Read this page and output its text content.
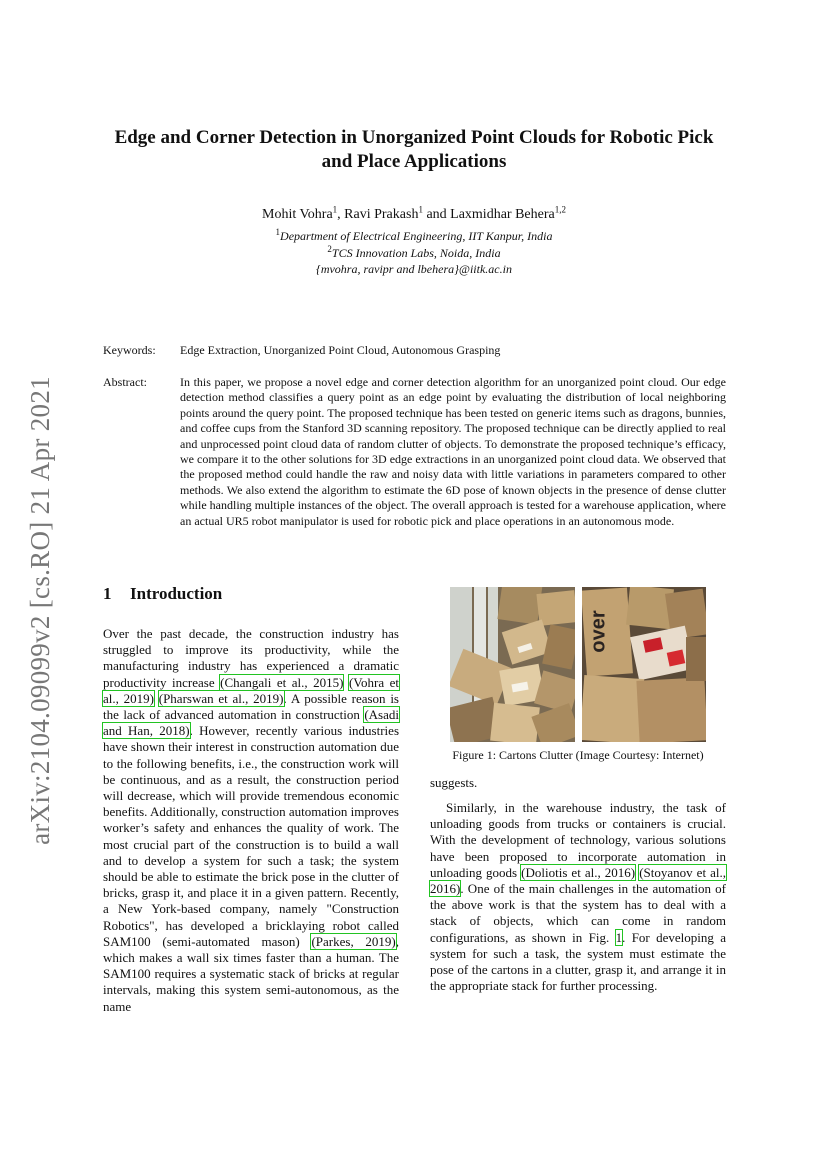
arXiv:2104.09099v2 [cs.RO] 21 Apr 2021
Edge and Corner Detection in Unorganized Point Clouds for Robotic Pick and Place Applications
Mohit Vohra$^1$, Ravi Prakash$^1$ and Laxmidhar Behera$^{1,2}$
$^1$Department of Electrical Engineering, IIT Kanpur, India
$^2$TCS Innovation Labs, Noida, India
{mvohra, ravipr and lbehera}@iitk.ac.in
Keywords: Edge Extraction, Unorganized Point Cloud, Autonomous Grasping
Abstract:	In this paper, we propose a novel edge and corner detection algorithm for an unorganized point cloud. Our edge detection method classifies a query point as an edge point by evaluating the distribution of local neighboring points around the query point. The proposed technique has been tested on generic items such as dragons, bunnies, and coffee cups from the Stanford 3D scanning repository. The proposed technique can be directly applied to real and unprocessed point cloud data of random clutter of objects. To demonstrate the proposed technique’s efficacy, we compare it to the other solutions for 3D edge extractions in an unorganized point cloud data. We observed that the proposed method could handle the raw and noisy data with little variations in parameters compared to other methods. We also extend the algorithm to estimate the 6D pose of known objects in the presence of dense clutter while handling multiple instances of the object. The overall approach is tested for a warehouse application, where an actual UR5 robot manipulator is used for robotic pick and place operations in an autonomous mode.
1 Introduction
Over the past decade, the construction industry has struggled to improve its productivity, while the manufacturing industry has experienced a dramatic productivity increase (Changali et al., 2015) (Vohra et al., 2019) (Pharswan et al., 2019). A possible reason is the lack of advanced automation in construction (Asadi and Han, 2018). However, recently various industries have shown their interest in construction automation due to the following benefits, i.e., the construction work will be continuous, and as a result, the construction period will decrease, which will provide tremendous economic benefits. Additionally, construction automation improves worker’s safety and enhances the quality of work. The most crucial part of the construction is to build a wall and to develop a system for such a task; the system should be able to estimate the brick pose in the clutter of bricks, grasp it, and place it in a given pattern. Recently, a New York-based company, namely "Construction Robotics", has developed a bricklaying robot called SAM100 (semi-automated mason) (Parkes, 2019), which makes a wall six times faster than a human. The SAM100 requires a systematic stack of bricks at regular intervals, making this system semi-autonomous, as the name
over
Figure 1: Cartons Clutter (Image Courtesy: Internet)
suggests.

Similarly, in the warehouse industry, the task of unloading goods from trucks or containers is crucial. With the development of technology, various solutions have been proposed to incorporate automation in unloading goods (Doliotis et al., 2016) (Stoyanov et al., 2016). One of the main challenges in the automation of the above work is that the system has to deal with a stack of objects, which can come in random configurations, as shown in Fig. 1. For developing a system for such a task, the system must estimate the pose of the cartons in a clutter, grasp it, and arrange it in the appropriate stack for further processing.
